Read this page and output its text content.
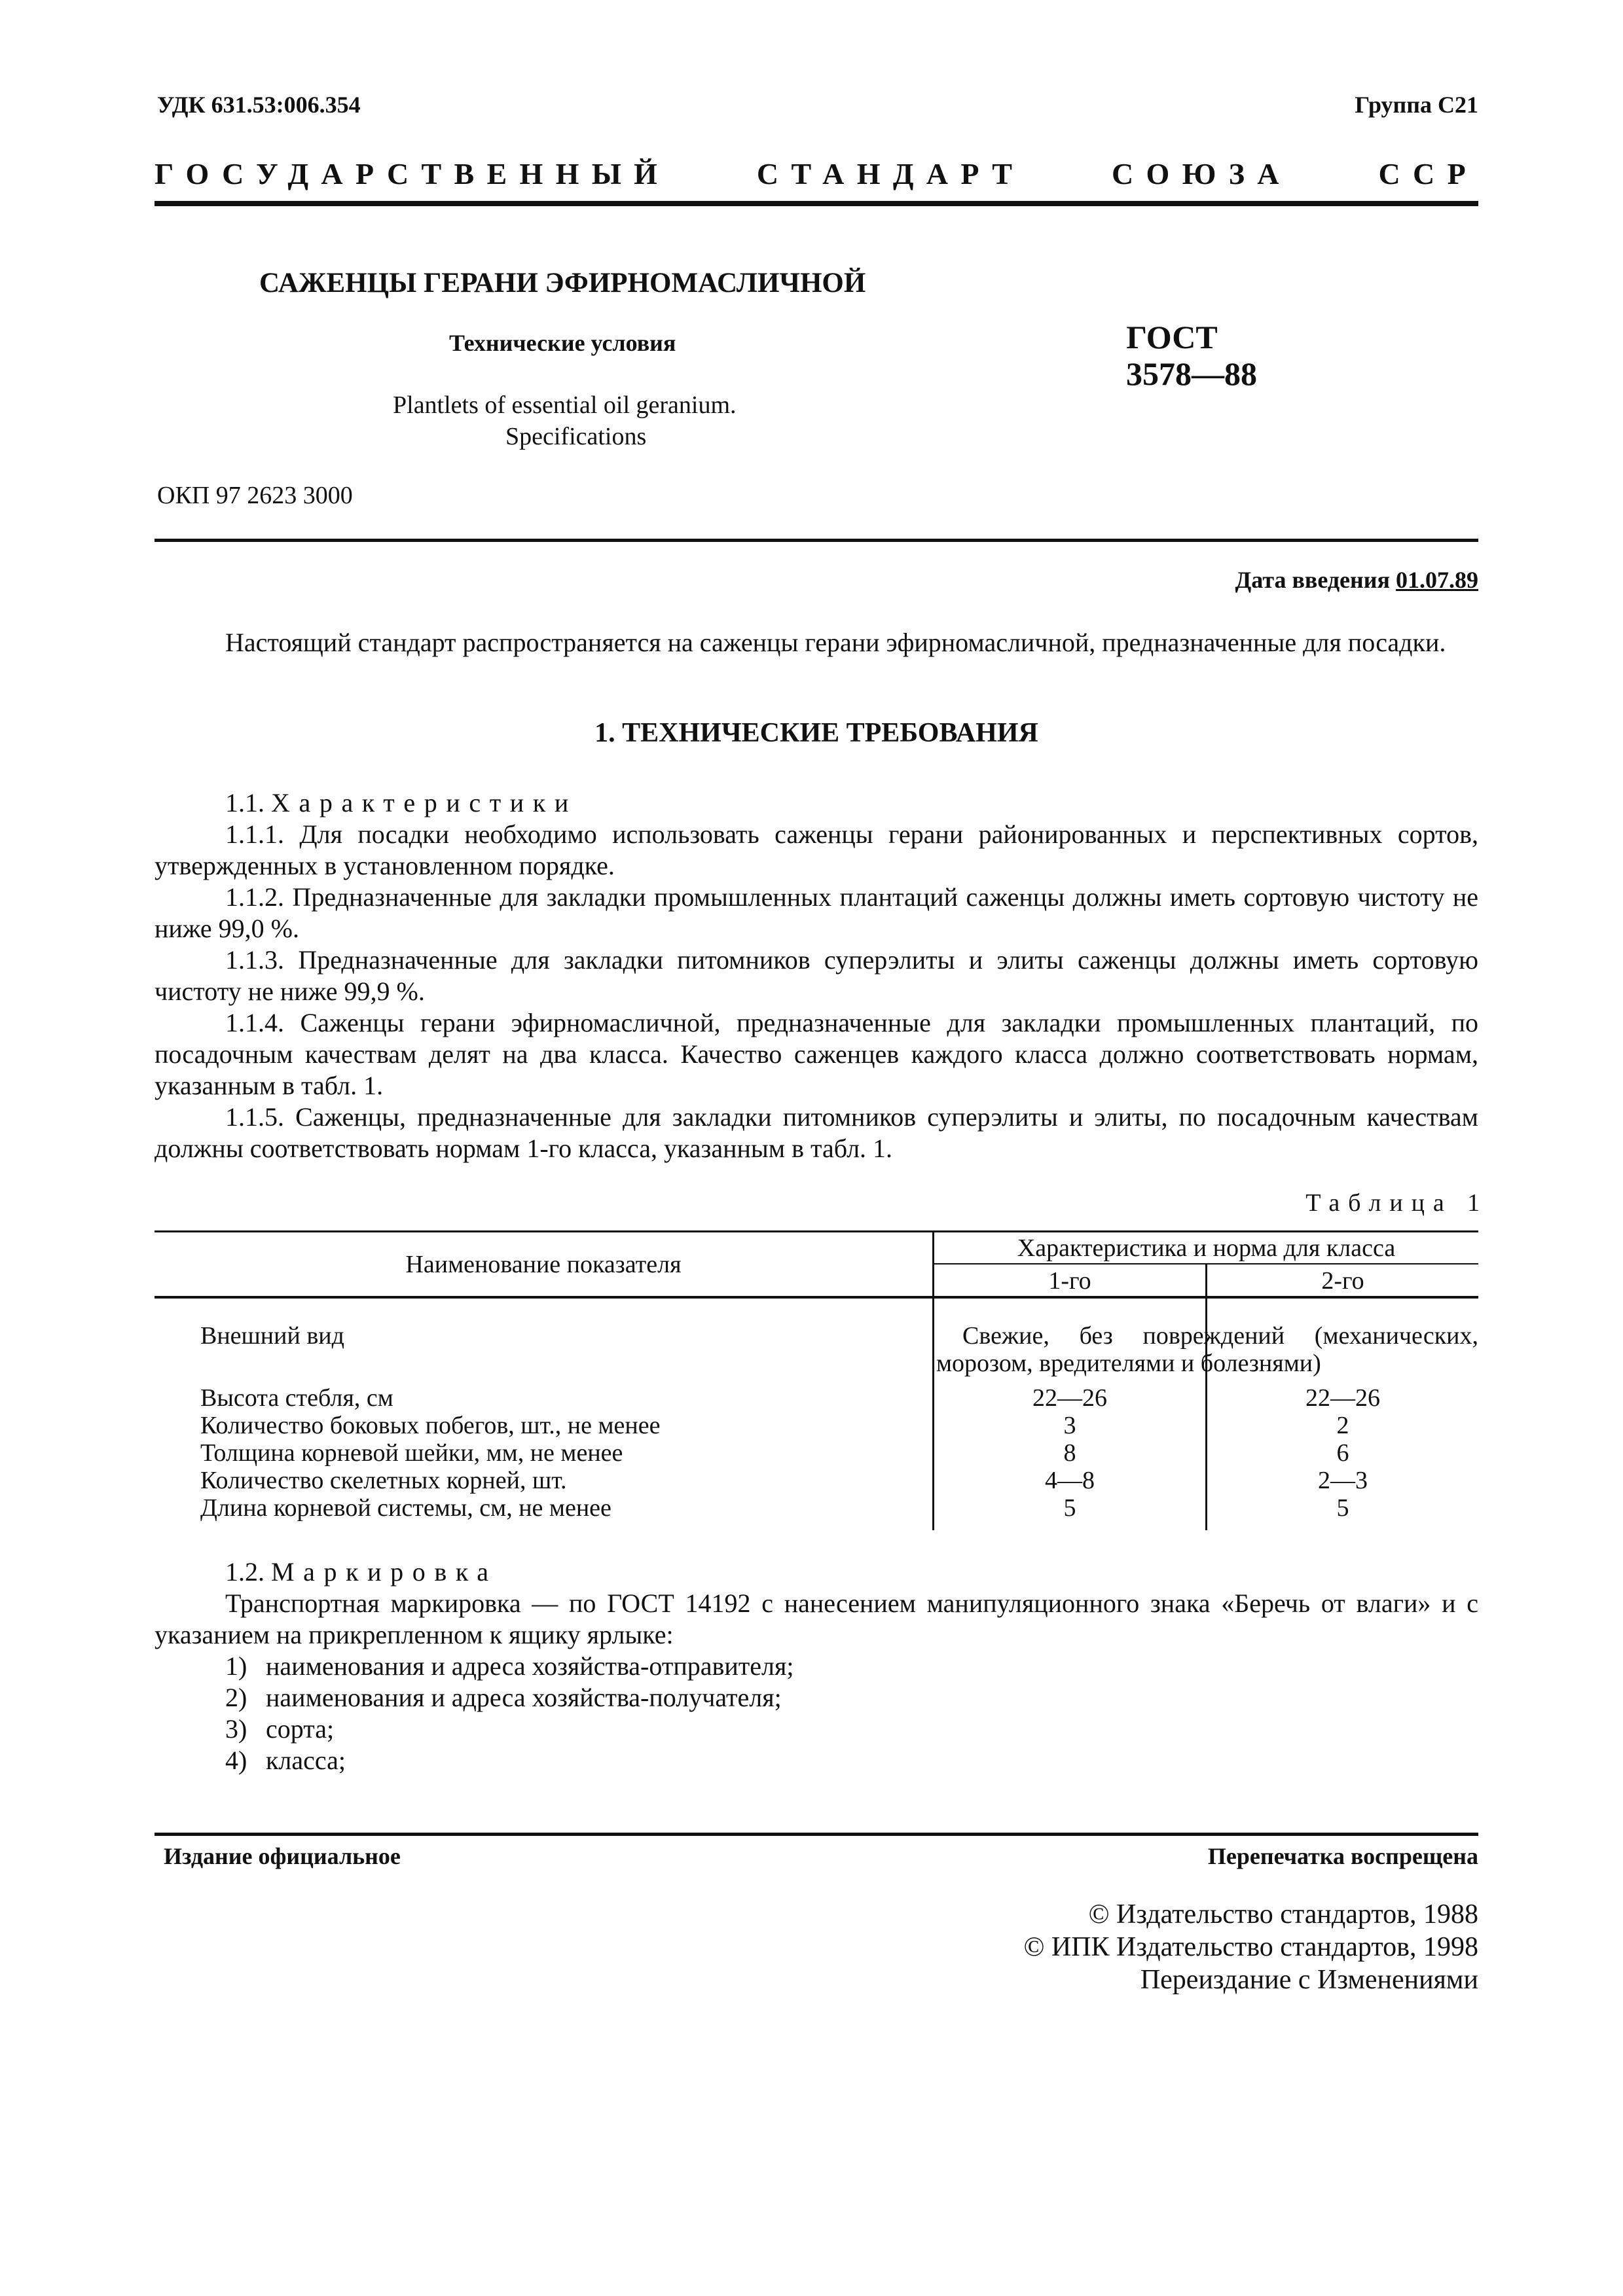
УДК 631.53:006.354	Группа С21
ГОСУДАРСТВЕННЫЙ СТАНДАРТ СОЮЗА ССР
САЖЕНЦЫ ГЕРАНИ ЭФИРНОМАСЛИЧНОЙ
Технические условия
Plantlets of essential oil geranium.
Specifications
ГОСТ
3578—88
ОКП 97 2623 3000
Дата введения 01.07.89
Настоящий стандарт распространяется на саженцы герани эфирномасличной, предназначенные для посадки.
1. ТЕХНИЧЕСКИЕ ТРЕБОВАНИЯ
1.1. Характеристики
1.1.1. Для посадки необходимо использовать саженцы герани районированных и перспективных сортов, утвержденных в установленном порядке.
1.1.2. Предназначенные для закладки промышленных плантаций саженцы должны иметь сортовую чистоту не ниже 99,0 %.
1.1.3. Предназначенные для закладки питомников суперэлиты и элиты саженцы должны иметь сортовую чистоту не ниже 99,9 %.
1.1.4. Саженцы герани эфирномасличной, предназначенные для закладки промышленных плантаций, по посадочным качествам делят на два класса. Качество саженцев каждого класса должно соответствовать нормам, указанным в табл. 1.
1.1.5. Саженцы, предназначенные для закладки питомников суперэлиты и элиты, по посадочным качествам должны соответствовать нормам 1-го класса, указанным в табл. 1.
Таблица 1
Наименование показателя
Характеристика и норма для класса
1-го	2-го
Внешний вид	Свежие, без повреждений (механических,
морозом, вредителями и болезнями)
Высота стебля, см	22—26	22—26
Количество боковых побегов, шт., не менее	3	2
Толщина корневой шейки, мм, не менее	8	6
Количество скелетных корней, шт.	4—8	2—3
Длина корневой системы, см, не менее	5	5
1.2. Маркировка
Транспортная маркировка — по ГОСТ 14192 с нанесением манипуляционного знака «Беречь от влаги» и с указанием на прикрепленном к ящику ярлыке:
1) наименования и адреса хозяйства-отправителя;
2) наименования и адреса хозяйства-получателя;
3) сорта;
4) класса;
Издание официальное	Перепечатка воспрещена
© Издательство стандартов, 1988
© ИПК Издательство стандартов, 1998
Переиздание с Изменениями
